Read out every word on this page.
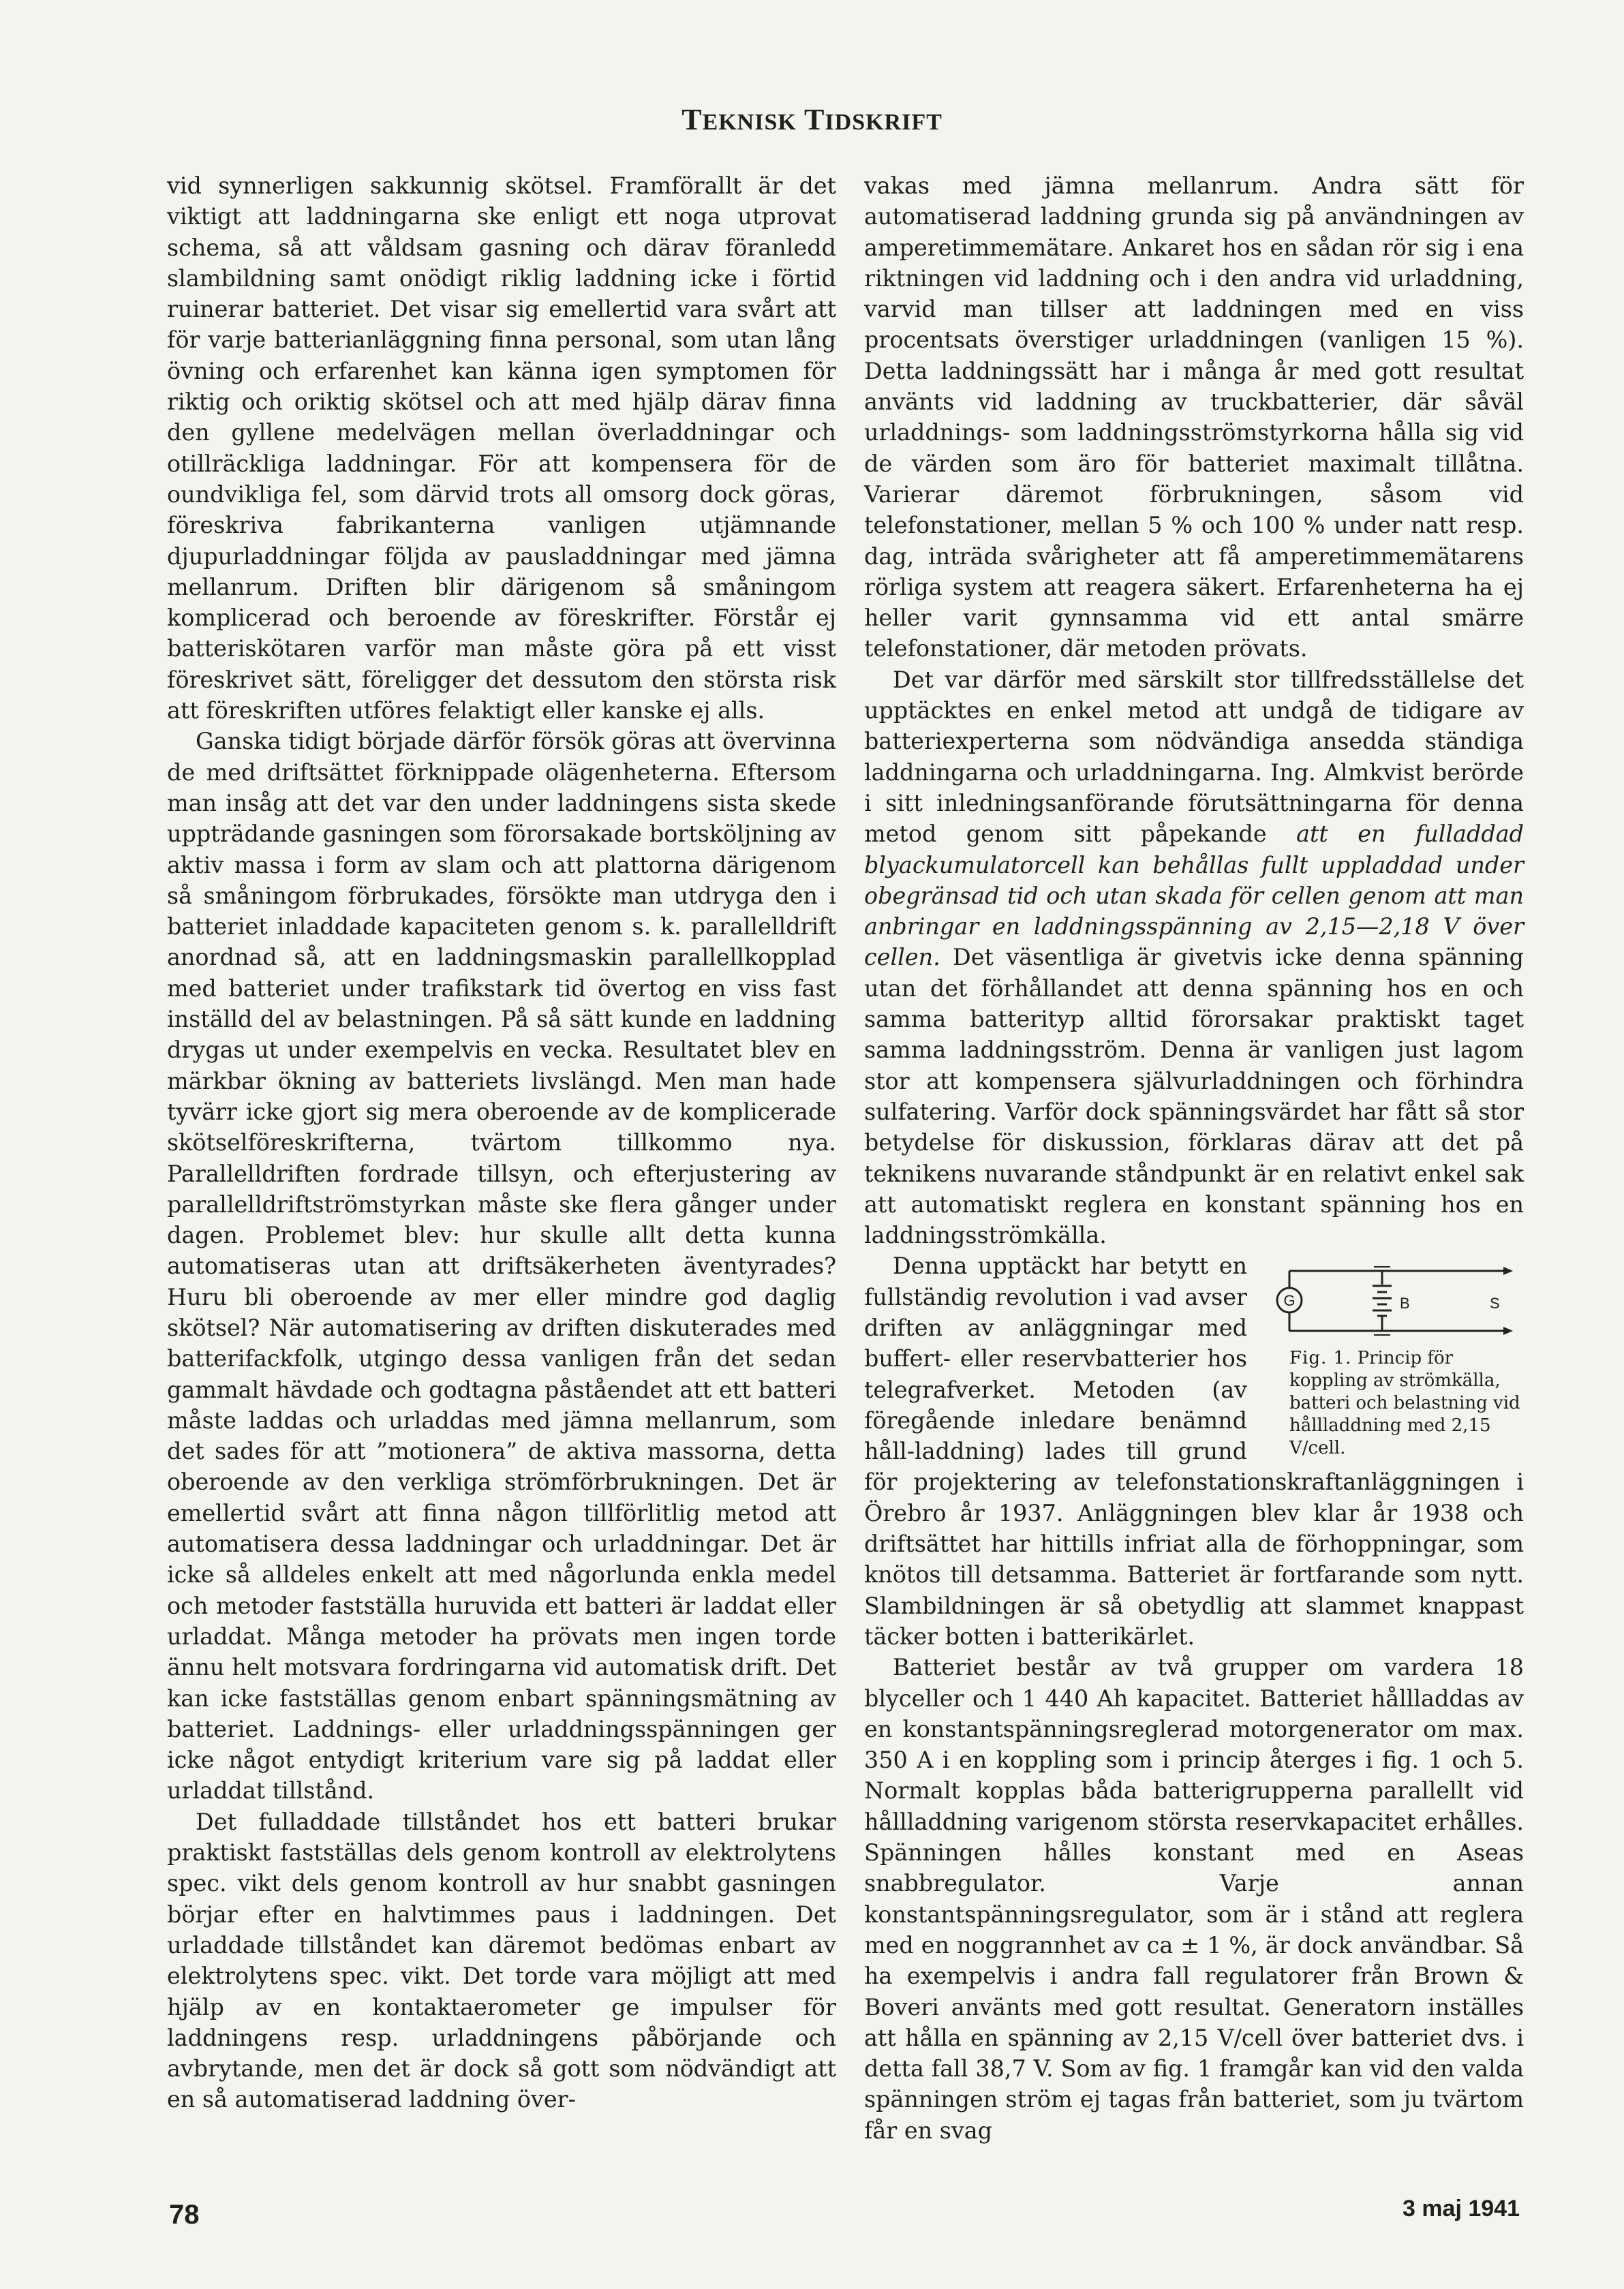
TEKNISK TIDSKRIFT

vid synnerligen sakkunnig skötsel. Framförallt är det viktigt att laddningarna ske enligt ett noga utprovat schema, så att våldsam gasning och därav föranledd slambildning samt onödigt riklig laddning icke i förtid ruinerar batteriet. Det visar sig emellertid vara svårt att för varje batterianläggning finna personal, som utan lång övning och erfarenhet kan känna igen symptomen för riktig och oriktig skötsel och att med hjälp därav finna den gyllene medelvägen mellan överladdningar och otillräckliga laddningar. För att kompensera för de oundvikliga fel, som därvid trots all omsorg dock göras, föreskriva fabrikanterna vanligen utjämnande djupurladdningar följda av pausladdningar med jämna mellanrum. Driften blir därigenom så småningom komplicerad och beroende av föreskrifter. Förstår ej batteriskötaren varför man måste göra på ett visst föreskrivet sätt, föreligger det dessutom den största risk att föreskriften utföres felaktigt eller kanske ej alls.

Ganska tidigt började därför försök göras att övervinna de med driftsättet förknippade olägenheterna. Eftersom man insåg att det var den under laddningens sista skede uppträdande gasningen som förorsakade bortsköljning av aktiv massa i form av slam och att plattorna därigenom så småningom förbrukades, försökte man utdryga den i batteriet inladdade kapaciteten genom s. k. parallelldrift anordnad så, att en laddningsmaskin parallellkopplad med batteriet under trafikstark tid övertog en viss fast inställd del av belastningen. På så sätt kunde en laddning drygas ut under exempelvis en vecka. Resultatet blev en märkbar ökning av batteriets livslängd. Men man hade tyvärr icke gjort sig mera oberoende av de komplicerade skötselföreskrifterna, tvärtom tillkommo nya. Parallelldriften fordrade tillsyn, och efterjustering av parallelldriftströmstyrkan måste ske flera gånger under dagen. Problemet blev: hur skulle allt detta kunna automatiseras utan att driftsäkerheten äventyrades? Huru bli oberoende av mer eller mindre god daglig skötsel? När automatisering av driften diskuterades med batterifackfolk, utgingo dessa vanligen från det sedan gammalt hävdade och godtagna påståendet att ett batteri måste laddas och urladdas med jämna mellanrum, som det sades för att ”motionera” de aktiva massorna, detta oberoende av den verkliga strömförbrukningen. Det är emellertid svårt att finna någon tillförlitlig metod att automatisera dessa laddningar och urladdningar. Det är icke så alldeles enkelt att med någorlunda enkla medel och metoder fastställa huruvida ett batteri är laddat eller urladdat. Många metoder ha prövats men ingen torde ännu helt motsvara fordringarna vid automatisk drift. Det kan icke fastställas genom enbart spänningsmätning av batteriet. Laddnings- eller urladdningsspänningen ger icke något entydigt kriterium vare sig på laddat eller urladdat tillstånd.

Det fulladdade tillståndet hos ett batteri brukar praktiskt fastställas dels genom kontroll av elektrolytens spec. vikt dels genom kontroll av hur snabbt gasningen börjar efter en halvtimmes paus i laddningen. Det urladdade tillståndet kan däremot bedömas enbart av elektrolytens spec. vikt. Det torde vara möjligt att med hjälp av en kontaktaerometer ge impulser för laddningens resp. urladdningens påbörjande och avbrytande, men det är dock så gott som nödvändigt att en så automatiserad laddning över-

vakas med jämna mellanrum. Andra sätt för automatiserad laddning grunda sig på användningen av amperetimmemätare. Ankaret hos en sådan rör sig i ena riktningen vid laddning och i den andra vid urladdning, varvid man tillser att laddningen med en viss procentsats överstiger urladdningen (vanligen 15 %). Detta laddningssätt har i många år med gott resultat använts vid laddning av truckbatterier, där såväl urladdnings- som laddningsströmstyrkorna hålla sig vid de värden som äro för batteriet maximalt tillåtna. Varierar däremot förbrukningen, såsom vid telefonstationer, mellan 5 % och 100 % under natt resp. dag, inträda svårigheter att få amperetimmemätarens rörliga system att reagera säkert. Erfarenheterna ha ej heller varit gynnsamma vid ett antal smärre telefonstationer, där metoden prövats.

Det var därför med särskilt stor tillfredsställelse det upptäcktes en enkel metod att undgå de tidigare av batteriexperterna som nödvändiga ansedda ständiga laddningarna och urladdningarna. Ing. Almkvist berörde i sitt inledningsanförande förutsättningarna för denna metod genom sitt påpekande att en fulladdad blyackumulatorcell kan behållas fullt uppladdad under obegränsad tid och utan skada för cellen genom att man anbringar en laddningsspänning av 2,15—2,18 V över cellen. Det väsentliga är givetvis icke denna spänning utan det förhållandet att denna spänning hos en och samma batterityp alltid förorsakar praktiskt taget samma laddningsström. Denna är vanligen just lagom stor att kompensera självurladdningen och förhindra sulfatering. Varför dock spänningsvärdet har fått så stor betydelse för diskussion, förklaras därav att det på teknikens nuvarande ståndpunkt är en relativt enkel sak att automatiskt reglera en konstant spänning hos en laddningsströmkälla.

G	B	S
Fig. 1. Princip för koppling av strömkälla, batteri och belastning vid hållladdning med 2,15 V/cell.
Denna upptäckt har betytt en fullständig revolution i vad avser driften av anläggningar med buffert- eller reservbatterier hos telegrafverket. Metoden (av föregående inledare benämnd håll-laddning) lades till grund för projektering av telefonstationskraftanläggningen i Örebro år 1937. Anläggningen blev klar år 1938 och driftsättet har hittills infriat alla de förhoppningar, som knötos till detsamma. Batteriet är fortfarande som nytt. Slambildningen är så obetydlig att slammet knappast täcker botten i batterikärlet.

Batteriet består av två grupper om vardera 18 blyceller och 1 440 Ah kapacitet. Batteriet hållladdas av en konstantspänningsreglerad motorgenerator om max. 350 A i en koppling som i princip återges i fig. 1 och 5. Normalt kopplas båda batterigrupperna parallellt vid hållladdning varigenom största reservkapacitet erhålles. Spänningen hålles konstant med en Aseas snabbregulator. Varje annan konstantspänningsregulator, som är i stånd att reglera med en noggrannhet av ca ± 1 %, är dock användbar. Så ha exempelvis i andra fall regulatorer från Brown & Boveri använts med gott resultat. Generatorn inställes att hålla en spänning av 2,15 V/cell över batteriet dvs. i detta fall 38,7 V. Som av fig. 1 framgår kan vid den valda spänningen ström ej tagas från batteriet, som ju tvärtom får en svag

78	3 maj 1941
